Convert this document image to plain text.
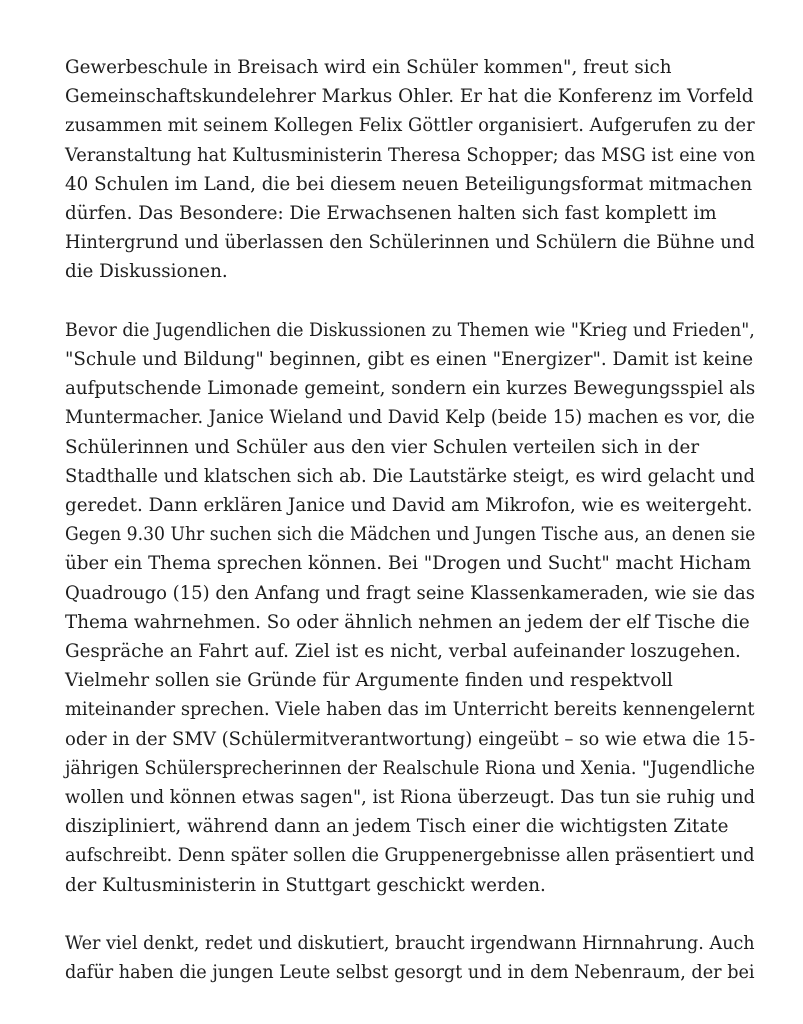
Gewerbeschule in Breisach wird ein Schüler kommen", freut sich
Gemeinschaftskundelehrer Markus Ohler. Er hat die Konferenz im Vorfeld
zusammen mit seinem Kollegen Felix Göttler organisiert. Aufgerufen zu der
Veranstaltung hat Kultusministerin Theresa Schopper; das MSG ist eine von
40 Schulen im Land, die bei diesem neuen Beteiligungsformat mitmachen
dürfen. Das Besondere: Die Erwachsenen halten sich fast komplett im
Hintergrund und überlassen den Schülerinnen und Schülern die Bühne und
die Diskussionen.

Bevor die Jugendlichen die Diskussionen zu Themen wie "Krieg und Frieden",
"Schule und Bildung" beginnen, gibt es einen "Energizer". Damit ist keine
aufputschende Limonade gemeint, sondern ein kurzes Bewegungsspiel als
Muntermacher. Janice Wieland und David Kelp (beide 15) machen es vor, die
Schülerinnen und Schüler aus den vier Schulen verteilen sich in der
Stadthalle und klatschen sich ab. Die Lautstärke steigt, es wird gelacht und
geredet. Dann erklären Janice und David am Mikrofon, wie es weitergeht.
Gegen 9.30 Uhr suchen sich die Mädchen und Jungen Tische aus, an denen sie
über ein Thema sprechen können. Bei "Drogen und Sucht" macht Hicham
Quadrougo (15) den Anfang und fragt seine Klassenkameraden, wie sie das
Thema wahrnehmen. So oder ähnlich nehmen an jedem der elf Tische die
Gespräche an Fahrt auf. Ziel ist es nicht, verbal aufeinander loszugehen.
Vielmehr sollen sie Gründe für Argumente finden und respektvoll
miteinander sprechen. Viele haben das im Unterricht bereits kennengelernt
oder in der SMV (Schülermitverantwortung) eingeübt – so wie etwa die 15-
jährigen Schülersprecherinnen der Realschule Riona und Xenia. "Jugendliche
wollen und können etwas sagen", ist Riona überzeugt. Das tun sie ruhig und
diszipliniert, während dann an jedem Tisch einer die wichtigsten Zitate
aufschreibt. Denn später sollen die Gruppenergebnisse allen präsentiert und
der Kultusministerin in Stuttgart geschickt werden.

Wer viel denkt, redet und diskutiert, braucht irgendwann Hirnnahrung. Auch
dafür haben die jungen Leute selbst gesorgt und in dem Nebenraum, der bei
